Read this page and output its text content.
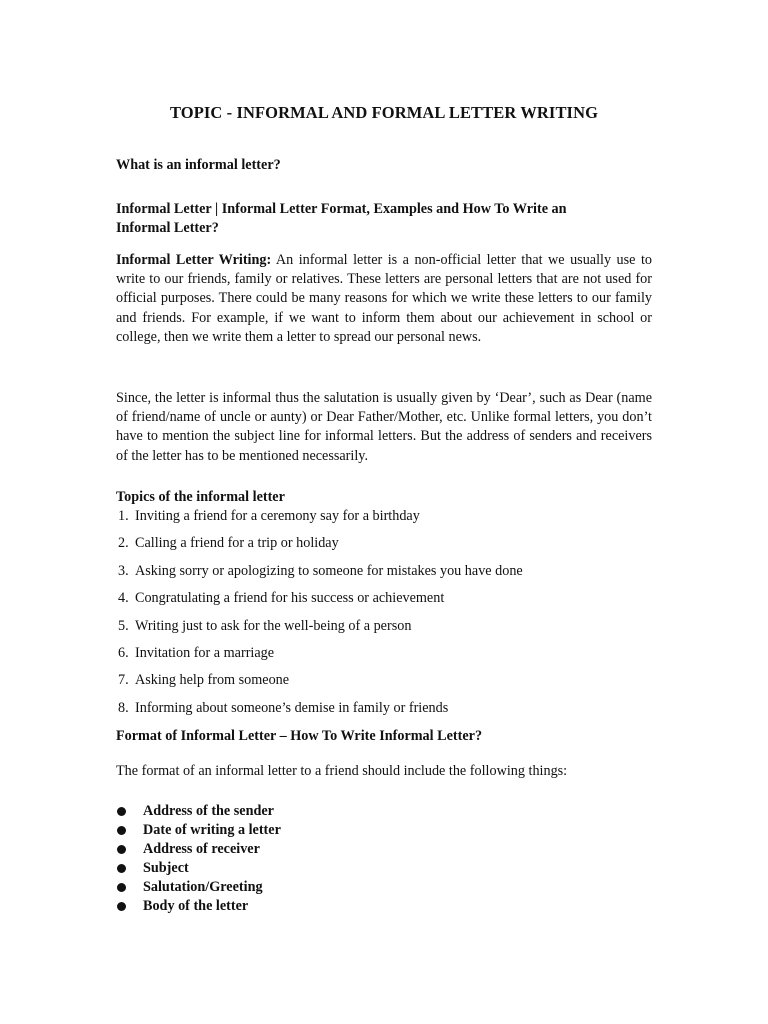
TOPIC - INFORMAL AND FORMAL LETTER WRITING
What is an informal letter?
Informal Letter | Informal Letter Format, Examples and How To Write an Informal Letter?
Informal Letter Writing: An informal letter is a non-official letter that we usually use to write to our friends, family or relatives. These letters are personal letters that are not used for official purposes. There could be many reasons for which we write these letters to our family and friends. For example, if we want to inform them about our achievement in school or college, then we write them a letter to spread our personal news.
Since, the letter is informal thus the salutation is usually given by ‘Dear’, such as Dear (name of friend/name of uncle or aunty) or Dear Father/Mother, etc. Unlike formal letters, you don’t have to mention the subject line for informal letters. But the address of senders and receivers of the letter has to be mentioned necessarily.
Topics of the informal letter
1. Inviting a friend for a ceremony say for a birthday
2. Calling a friend for a trip or holiday
3. Asking sorry or apologizing to someone for mistakes you have done
4. Congratulating a friend for his success or achievement
5. Writing just to ask for the well-being of a person
6. Invitation for a marriage
7. Asking help from someone
8. Informing about someone’s demise in family or friends
Format of Informal Letter – How To Write Informal Letter?
The format of an informal letter to a friend should include the following things:
Address of the sender
Date of writing a letter
Address of receiver
Subject
Salutation/Greeting
Body of the letter
